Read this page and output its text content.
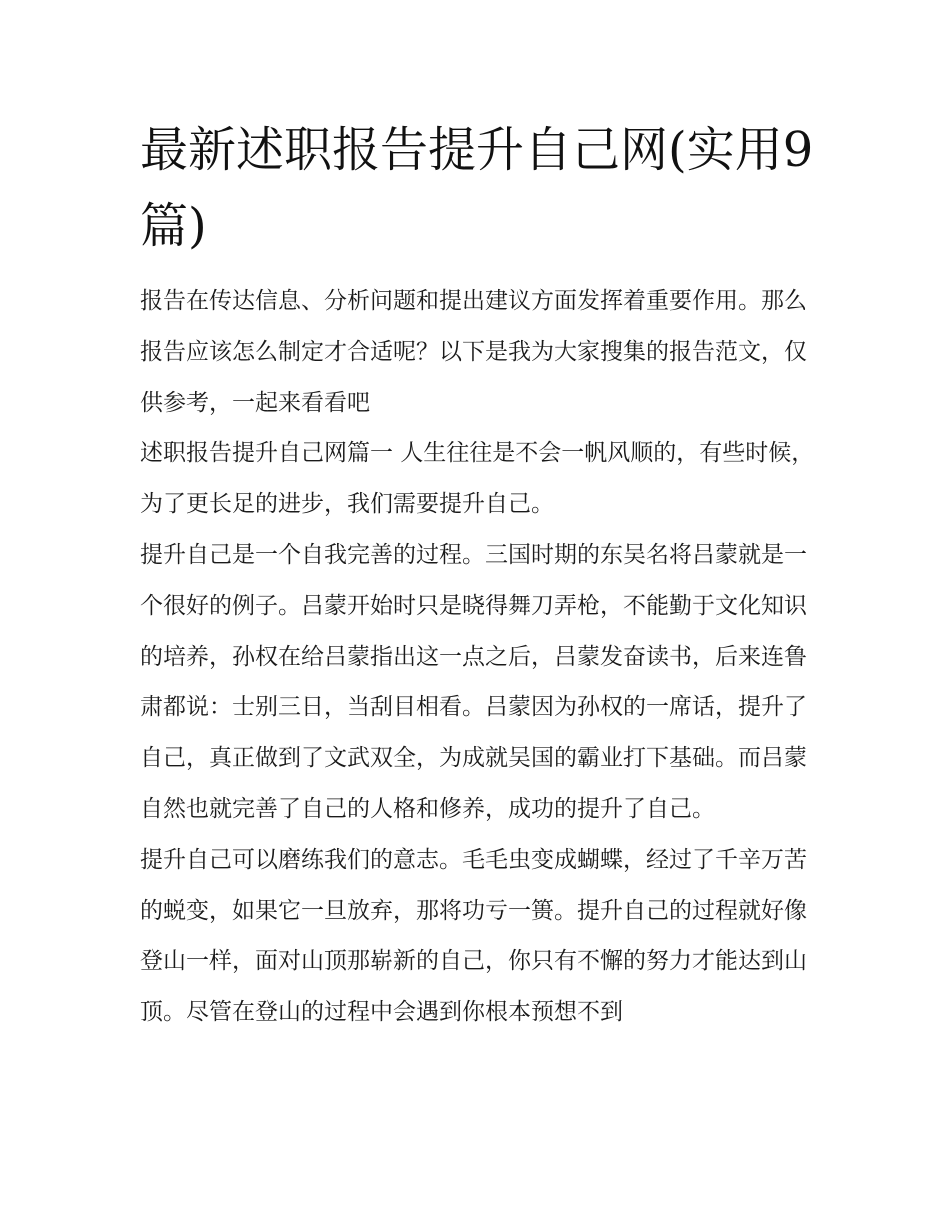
最新述职报告提升自己网(实用9篇)

报告在传达信息、分析问题和提出建议方面发挥着重要作用。那么报告应该怎么制定才合适呢？以下是我为大家搜集的报告范文，仅供参考，一起来看看吧

述职报告提升自己网篇一 人生往往是不会一帆风顺的，有些时候，为了更长足的进步，我们需要提升自己。

提升自己是一个自我完善的过程。三国时期的东吴名将吕蒙就是一个很好的例子。吕蒙开始时只是晓得舞刀弄枪，不能勤于文化知识的培养，孙权在给吕蒙指出这一点之后，吕蒙发奋读书，后来连鲁肃都说：士别三日，当刮目相看。吕蒙因为孙权的一席话，提升了自己，真正做到了文武双全，为成就吴国的霸业打下基础。而吕蒙自然也就完善了自己的人格和修养，成功的提升了自己。

提升自己可以磨练我们的意志。毛毛虫变成蝴蝶，经过了千辛万苦的蜕变，如果它一旦放弃，那将功亏一篑。提升自己的过程就好像登山一样，面对山顶那崭新的自己，你只有不懈的努力才能达到山顶。尽管在登山的过程中会遇到你根本预想不到
